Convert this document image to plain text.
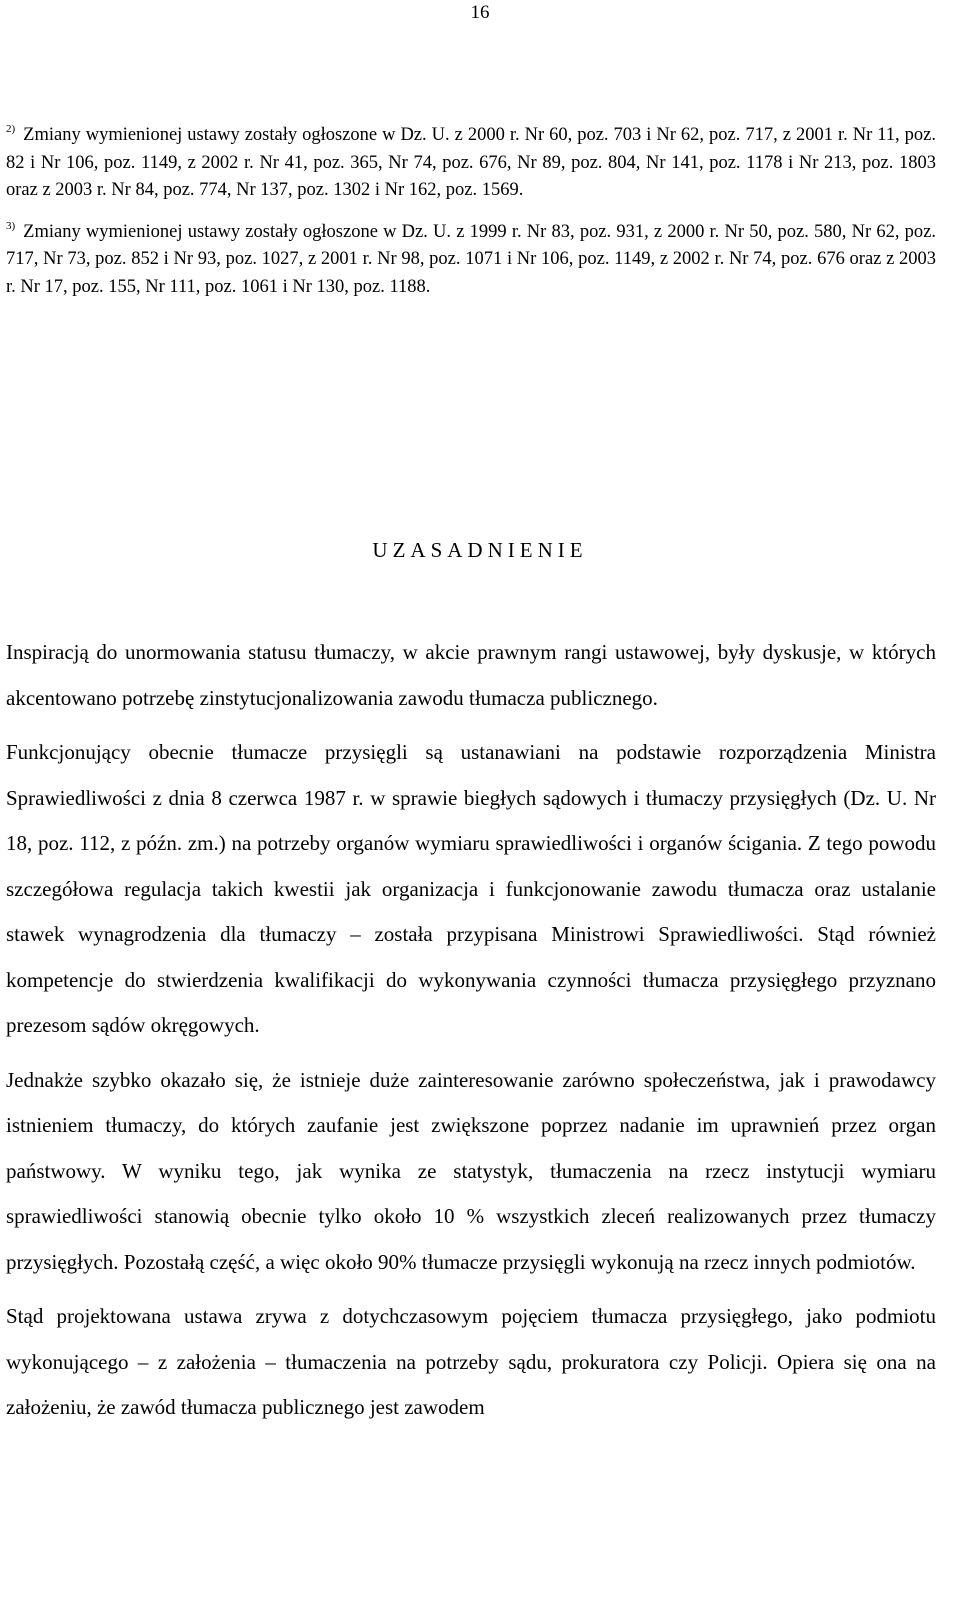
16

$^{2)}$ Zmiany wymienionej ustawy zostały ogłoszone w Dz. U. z 2000 r. Nr 60, poz. 703 i Nr 62, poz. 717, z 2001 r. Nr 11, poz. 82 i Nr 106, poz. 1149, z 2002 r. Nr 41, poz. 365, Nr 74, poz. 676, Nr 89, poz. 804, Nr 141, poz. 1178 i Nr 213, poz. 1803 oraz z 2003 r. Nr 84, poz. 774, Nr 137, poz. 1302 i Nr 162, poz. 1569.

$^{3)}$ Zmiany wymienionej ustawy zostały ogłoszone w Dz. U. z 1999 r. Nr 83, poz. 931, z 2000 r. Nr 50, poz. 580, Nr 62, poz. 717, Nr 73, poz. 852 i Nr 93, poz. 1027, z 2001 r. Nr 98, poz. 1071 i Nr 106, poz. 1149, z 2002 r. Nr 74, poz. 676 oraz z 2003 r. Nr 17, poz. 155, Nr 111, poz. 1061 i Nr 130, poz. 1188.

UZASADNIENIE

Inspiracją do unormowania statusu tłumaczy, w akcie prawnym rangi ustawowej, były dyskusje, w których akcentowano potrzebę zinstytucjonalizowania zawodu tłumacza publicznego.

Funkcjonujący obecnie tłumacze przysięgli są ustanawiani na podstawie rozporządzenia Ministra Sprawiedliwości z dnia 8 czerwca 1987 r. w sprawie biegłych sądowych i tłumaczy przysięgłych (Dz. U. Nr 18, poz. 112, z późn. zm.) na potrzeby organów wymiaru sprawiedliwości i organów ścigania. Z tego powodu szczegółowa regulacja takich kwestii jak organizacja i funkcjonowanie zawodu tłumacza oraz ustalanie stawek wynagrodzenia dla tłumaczy – została przypisana Ministrowi Sprawiedliwości. Stąd również kompetencje do stwierdzenia kwalifikacji do wykonywania czynności tłumacza przysięgłego przyznano prezesom sądów okręgowych.

Jednakże szybko okazało się, że istnieje duże zainteresowanie zarówno społeczeństwa, jak i prawodawcy istnieniem tłumaczy, do których zaufanie jest zwiększone poprzez nadanie im uprawnień przez organ państwowy. W wyniku tego, jak wynika ze statystyk, tłumaczenia na rzecz instytucji wymiaru sprawiedliwości stanowią obecnie tylko około 10 % wszystkich zleceń realizowanych przez tłumaczy przysięgłych. Pozostałą część, a więc około 90% tłumacze przysięgli wykonują na rzecz innych podmiotów.

Stąd projektowana ustawa zrywa z dotychczasowym pojęciem tłumacza przysięgłego, jako podmiotu wykonującego – z założenia – tłumaczenia na potrzeby sądu, prokuratora czy Policji. Opiera się ona na założeniu, że zawód tłumacza publicznego jest zawodem
